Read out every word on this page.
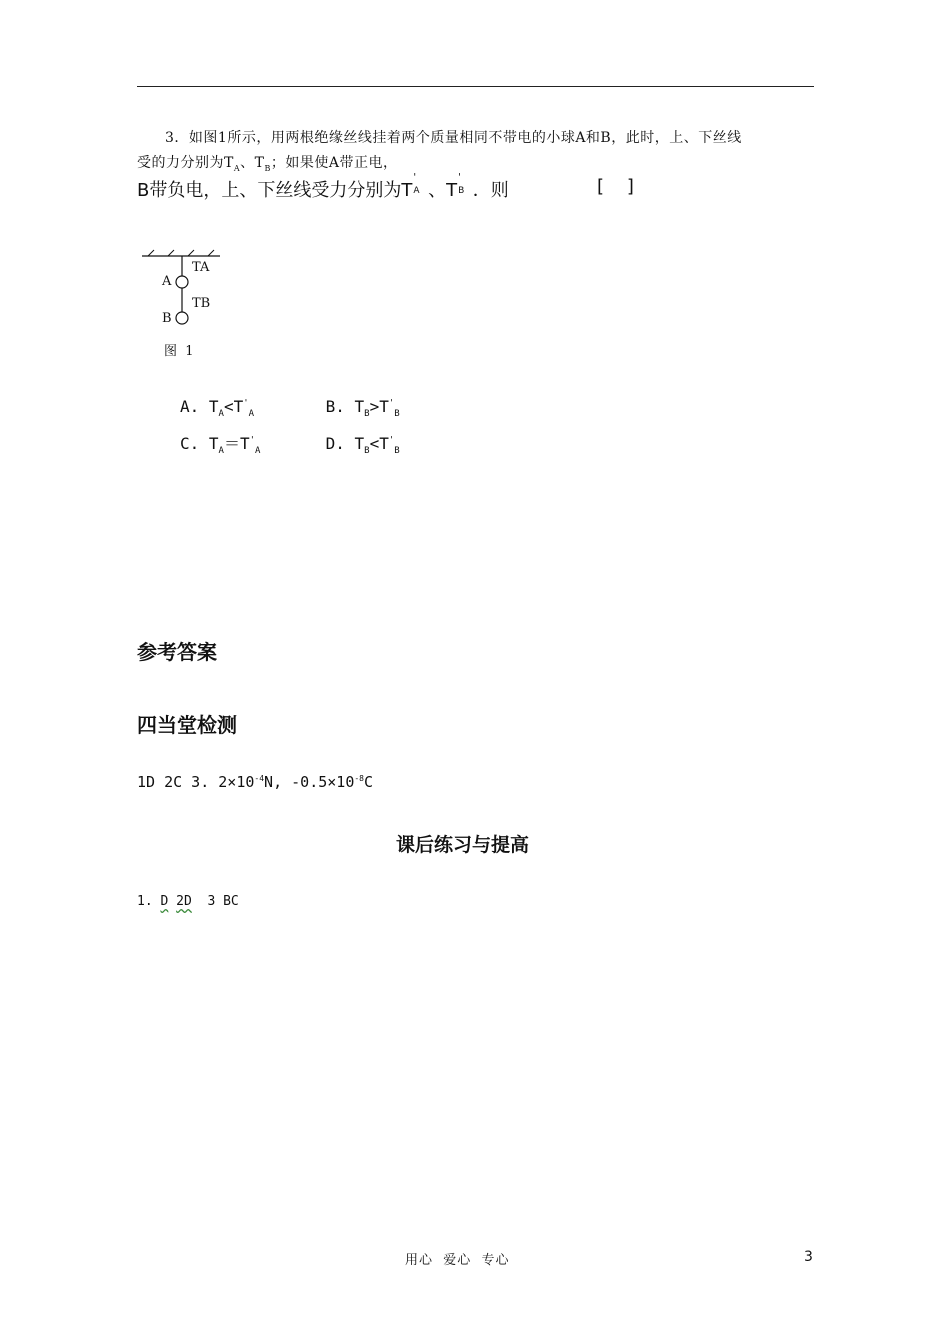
3．如图1所示，用两根绝缘丝线挂着两个质量相同不带电的小球A和B，此时，上、下丝线
受的力分别为$T_A$、$T_B$；如果使A带正电，
B带负电，上、下丝线受力分别为T
'
A 、T
'
B ．则	[    ]
TA
A
TB
B
图  1
A. $T_A<T'_A$	B. $T_B>T'_B$
C. $T_A=T'_A$	D. $T_B<T'_B$
参考答案
四当堂检测
1D 2C 3. $2\times 10^{-4}N$, $-0.5\times 10^{-8}C$
课后练习与提高
1. D 2D  3 BC
用心  爱心  专心	3
